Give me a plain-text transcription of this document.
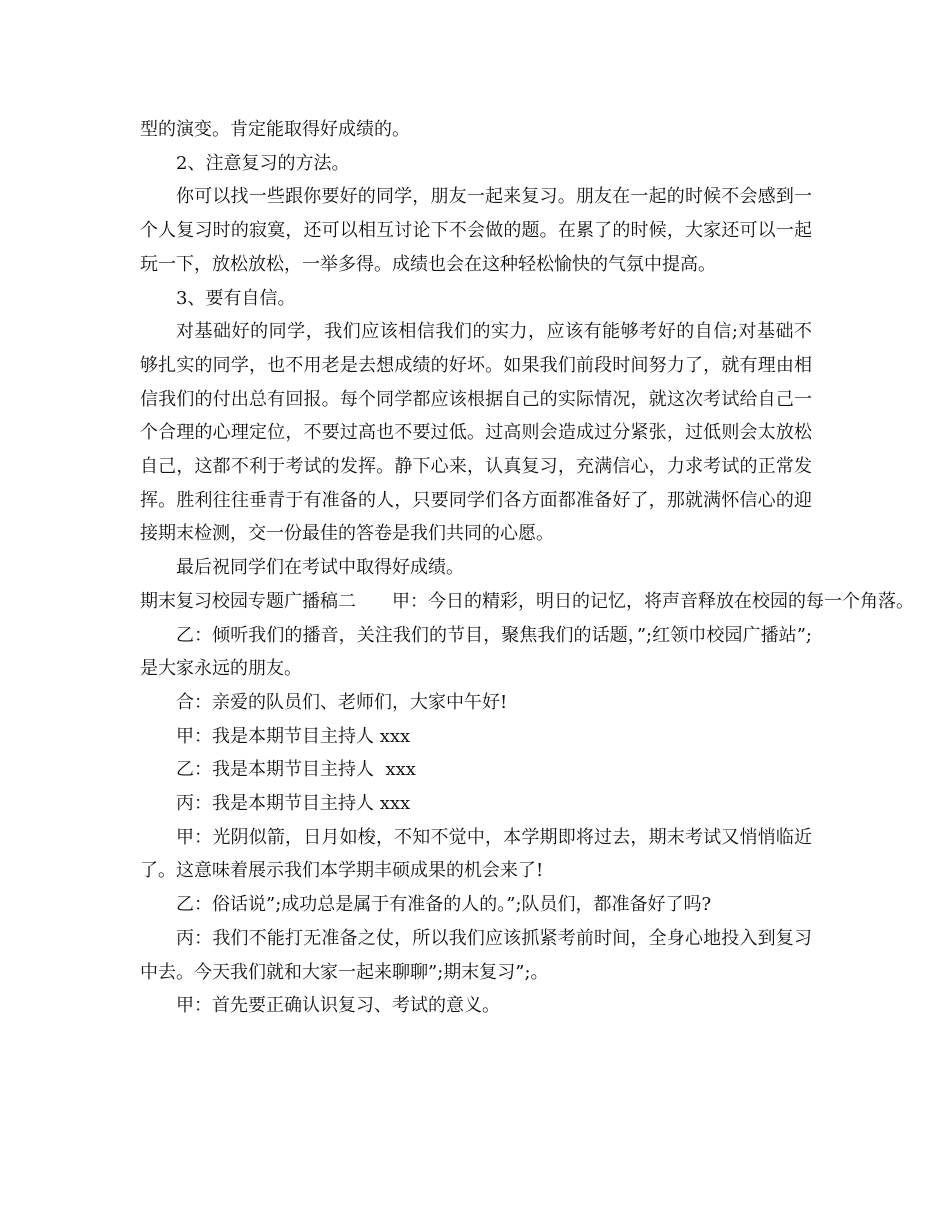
型的演变。肯定能取得好成绩的。

2、注意复习的方法。

你可以找一些跟你要好的同学，朋友一起来复习。朋友在一起的时候不会感到一个人复习时的寂寞，还可以相互讨论下不会做的题。在累了的时候，大家还可以一起玩一下，放松放松，一举多得。成绩也会在这种轻松愉快的气氛中提高。

3、要有自信。

对基础好的同学，我们应该相信我们的实力，应该有能够考好的自信;对基础不够扎实的同学，也不用老是去想成绩的好坏。如果我们前段时间努力了，就有理由相信我们的付出总有回报。每个同学都应该根据自己的实际情况，就这次考试给自己一个合理的心理定位，不要过高也不要过低。过高则会造成过分紧张，过低则会太放松自己，这都不利于考试的发挥。静下心来，认真复习，充满信心，力求考试的正常发挥。胜利往往垂青于有准备的人，只要同学们各方面都准备好了，那就满怀信心的迎接期末检测，交一份最佳的答卷是我们共同的心愿。

最后祝同学们在考试中取得好成绩。

期末复习校园专题广播稿二　　甲：今日的精彩，明日的记忆，将声音释放在校园的每一个角落。

乙：倾听我们的播音，关注我们的节目，聚焦我们的话题，”;红领巾校园广播站”;是大家永远的朋友。

合：亲爱的队员们、老师们，大家中午好!

甲：我是本期节目主持人 xxx

乙：我是本期节目主持人  xxx

丙：我是本期节目主持人 xxx

甲：光阴似箭，日月如梭，不知不觉中，本学期即将过去，期末考试又悄悄临近了。这意味着展示我们本学期丰硕成果的机会来了!

乙：俗话说”;成功总是属于有准备的人的。”;队员们，都准备好了吗?

丙：我们不能打无准备之仗，所以我们应该抓紧考前时间，全身心地投入到复习中去。今天我们就和大家一起来聊聊”;期末复习”;。

甲：首先要正确认识复习、考试的意义。
